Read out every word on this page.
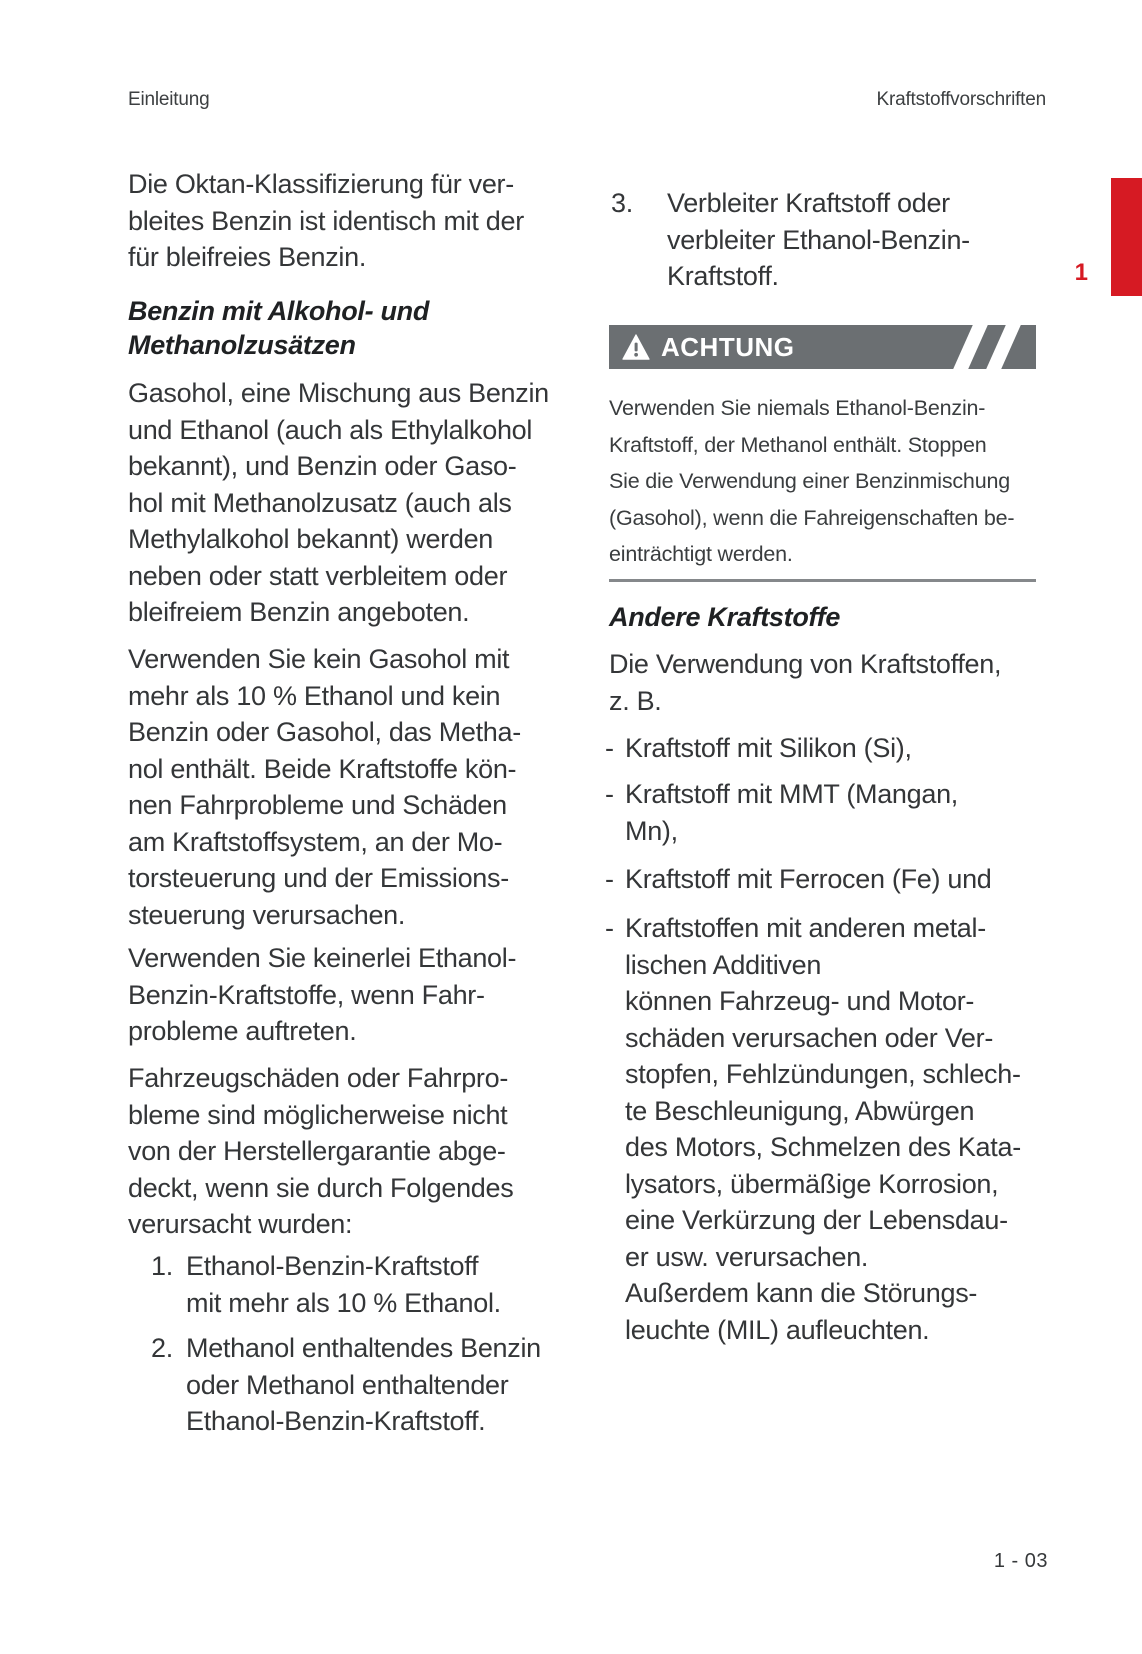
Einleitung	Kraftstoffvorschriften
1
Die Oktan-Klassifizierung für ver-
bleites Benzin ist identisch mit der
für bleifreies Benzin.
Benzin mit Alkohol- und
Methanolzusätzen
Gasohol, eine Mischung aus Benzin
und Ethanol (auch als Ethylalkohol
bekannt), und Benzin oder Gaso-
hol mit Methanolzusatz (auch als
Methylalkohol bekannt) werden
neben oder statt verbleitem oder
bleifreiem Benzin angeboten.
Verwenden Sie kein Gasohol mit
mehr als 10 % Ethanol und kein
Benzin oder Gasohol, das Metha-
nol enthält. Beide Kraftstoffe kön-
nen Fahrprobleme und Schäden
am Kraftstoffsystem, an der Mo-
torsteuerung und der Emissions-
steuerung verursachen.
Verwenden Sie keinerlei Ethanol-
Benzin-Kraftstoffe, wenn Fahr-
probleme auftreten.
Fahrzeugschäden oder Fahrpro-
bleme sind möglicherweise nicht
von der Herstellergarantie abge-
deckt, wenn sie durch Folgendes
verursacht wurden:
1. Ethanol-Benzin-Kraftstoff
mit mehr als 10 % Ethanol.
2. Methanol enthaltendes Benzin
oder Methanol enthaltender
Ethanol-Benzin-Kraftstoff.
3.	Verbleiter Kraftstoff oder
verbleiter Ethanol-Benzin-
Kraftstoff.
ACHTUNG
Verwenden Sie niemals Ethanol-Benzin-
Kraftstoff, der Methanol enthält. Stoppen
Sie die Verwendung einer Benzinmischung
(Gasohol), wenn die Fahreigenschaften be-
einträchtigt werden.
Andere Kraftstoffe
Die Verwendung von Kraftstoffen,
z. B.
- Kraftstoff mit Silikon (Si),
- Kraftstoff mit MMT (Mangan,
Mn),
- Kraftstoff mit Ferrocen (Fe) und
- Kraftstoffen mit anderen metal-
lischen Additiven
können Fahrzeug- und Motor-
schäden verursachen oder Ver-
stopfen, Fehlzündungen, schlech-
te Beschleunigung, Abwürgen
des Motors, Schmelzen des Kata-
lysators, übermäßige Korrosion,
eine Verkürzung der Lebensdau-
er usw. verursachen.
Außerdem kann die Störungs-
leuchte (MIL) aufleuchten.
1 - 03
